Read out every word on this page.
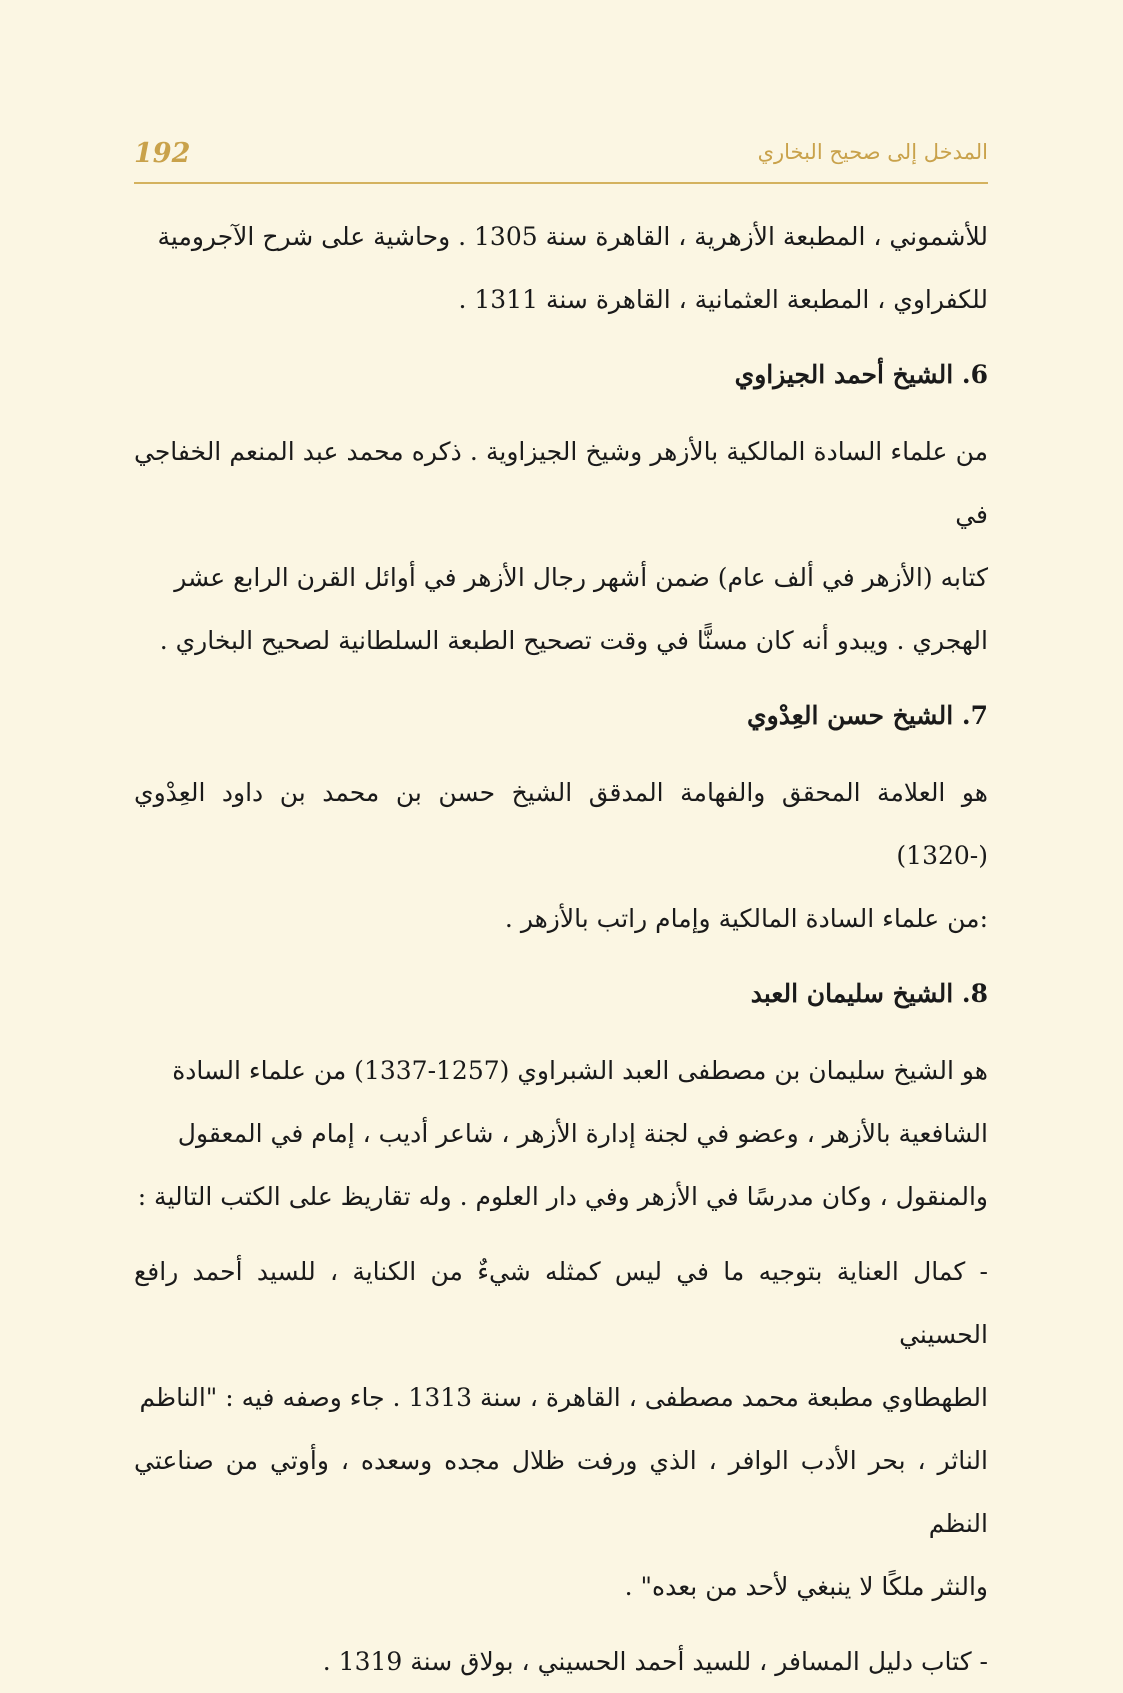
192	المدخل إلى صحيح البخاري

للأشموني ، المطبعة الأزهرية ، القاهرة سنة 1305 . وحاشية على شرح الآجرومية

للكفراوي ، المطبعة العثمانية ، القاهرة سنة 1311 .

6. الشيخ أحمد الجيزاوي

من علماء السادة المالكية بالأزهر وشيخ الجيزاوية . ذكره محمد عبد المنعم الخفاجي في

كتابه (الأزهر في ألف عام) ضمن أشهر رجال الأزهر في أوائل القرن الرابع عشر

الهجري . ويبدو أنه كان مسنًّا في وقت تصحيح الطبعة السلطانية لصحيح البخاري .

7. الشيخ حسن العِدْوي

هو العلامة المحقق والفهامة المدقق الشيخ حسن بن محمد بن داود العِدْوي (-1320)

:من علماء السادة المالكية وإمام راتب بالأزهر .

8. الشيخ سليمان العبد

هو الشيخ سليمان بن مصطفى العبد الشبراوي (1257-1337) من علماء السادة

الشافعية بالأزهر ، وعضو في لجنة إدارة الأزهر ، شاعر أديب ، إمام في المعقول

والمنقول ، وكان مدرسًا في الأزهر وفي دار العلوم . وله تقاريظ على الكتب التالية :

- كمال العناية بتوجيه ما في ليس كمثله شيءٌ من الكناية ، للسيد أحمد رافع الحسيني

الطهطاوي مطبعة محمد مصطفى ، القاهرة ، سنة 1313 . جاء وصفه فيه : "الناظم

الناثر ، بحر الأدب الوافر ، الذي ورفت ظلال مجده وسعده ، وأوتي من صناعتي النظم

والنثر ملكًا لا ينبغي لأحد من بعده" .

- كتاب دليل المسافر ، للسيد أحمد الحسيني ، بولاق سنة 1319 .
